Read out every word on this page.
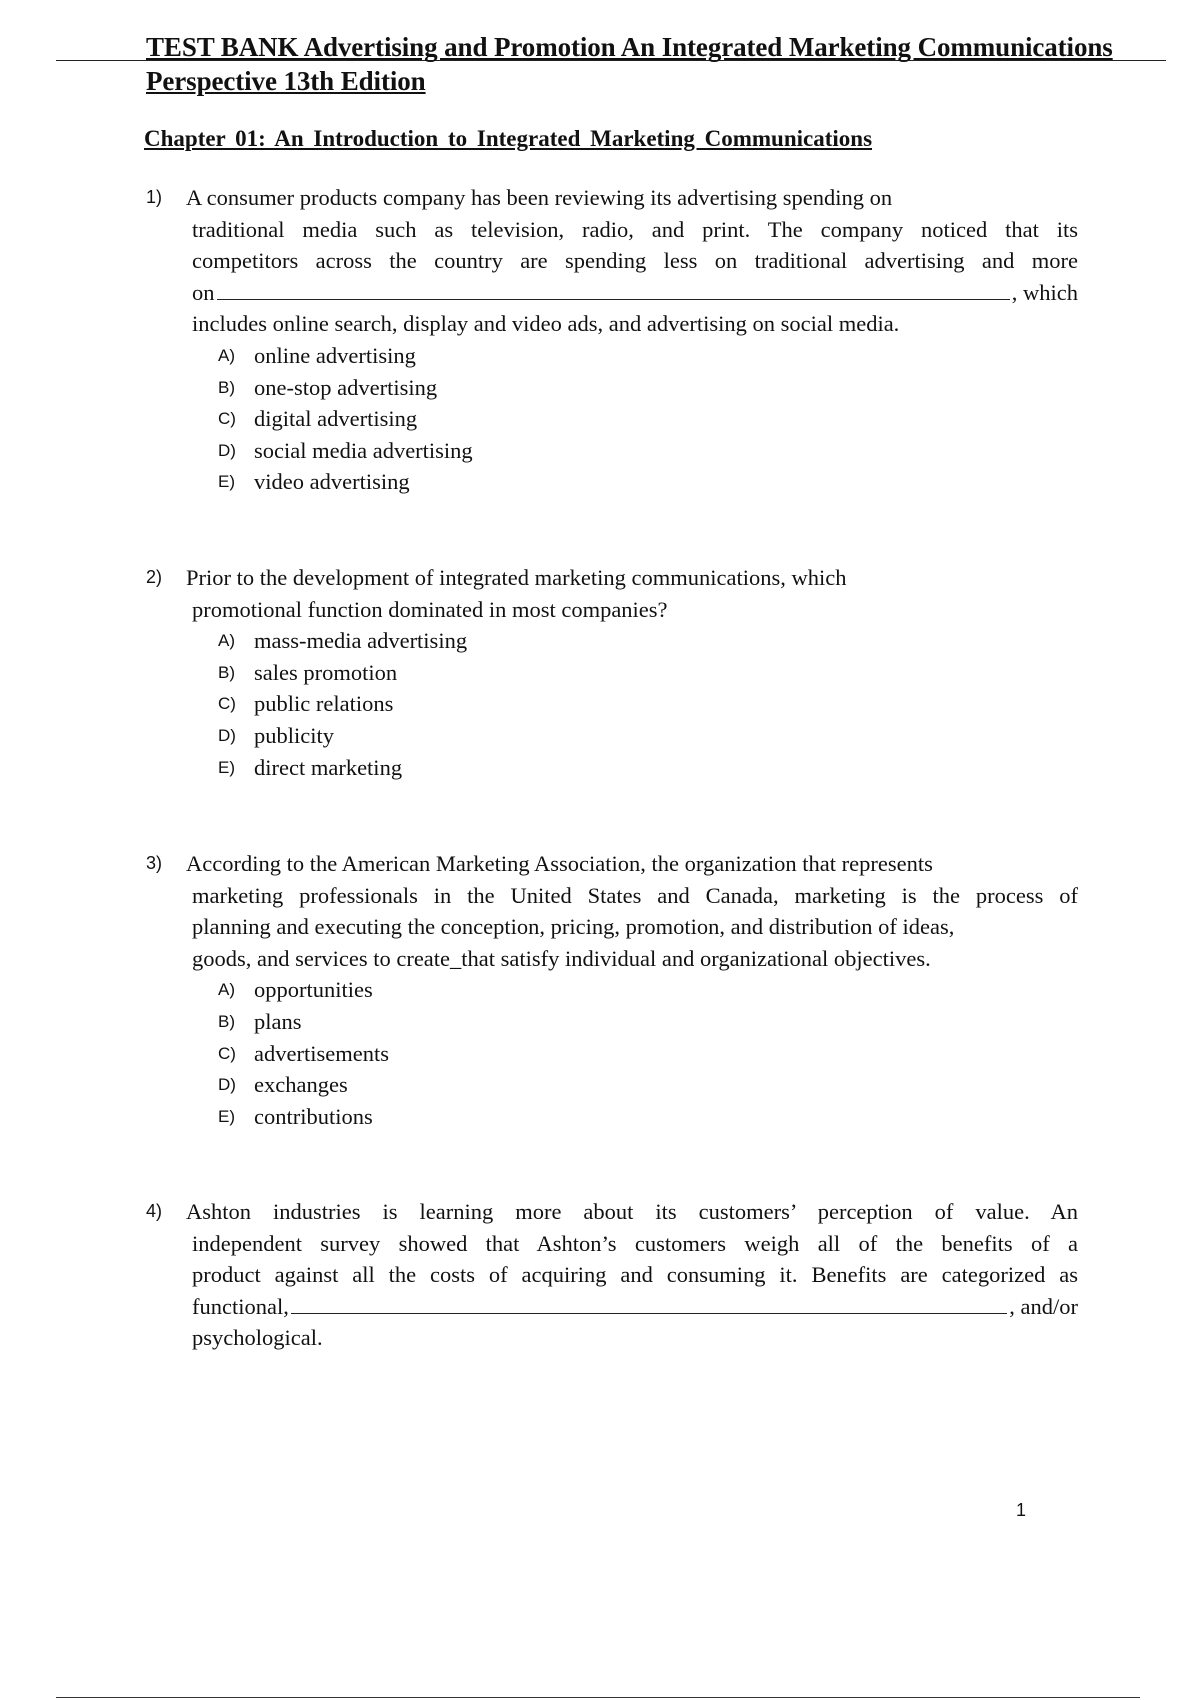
TEST BANK Advertising and Promotion An Integrated Marketing Communications Perspective 13th Edition
Chapter 01: An Introduction to Integrated Marketing Communications
1)	A consumer products company has been reviewing its advertising spending on
traditional media such as television, radio, and print. The company noticed that its
competitors across the country are spending less on traditional advertising and more
on	, which
includes online search, display and video ads, and advertising on social media.
A) online advertising
B) one-stop advertising
C) digital advertising
D) social media advertising
E) video advertising
2)	Prior to the development of integrated marketing communications, which
promotional function dominated in most companies?
A) mass-media advertising
B) sales promotion
C) public relations
D) publicity
E) direct marketing
3)	According to the American Marketing Association, the organization that represents
marketing professionals in the United States and Canada, marketing is the process of
planning and executing the conception, pricing, promotion, and distribution of ideas,
goods, and services to create_that satisfy individual and organizational objectives.
A) opportunities
B) plans
C) advertisements
D) exchanges
E) contributions
4)	Ashton industries is learning more about its customers’ perception of value. An
independent survey showed that Ashton’s customers weigh all of the benefits of a
product against all the costs of acquiring and consuming it. Benefits are categorized as
functional,	, and/or
psychological.
1
